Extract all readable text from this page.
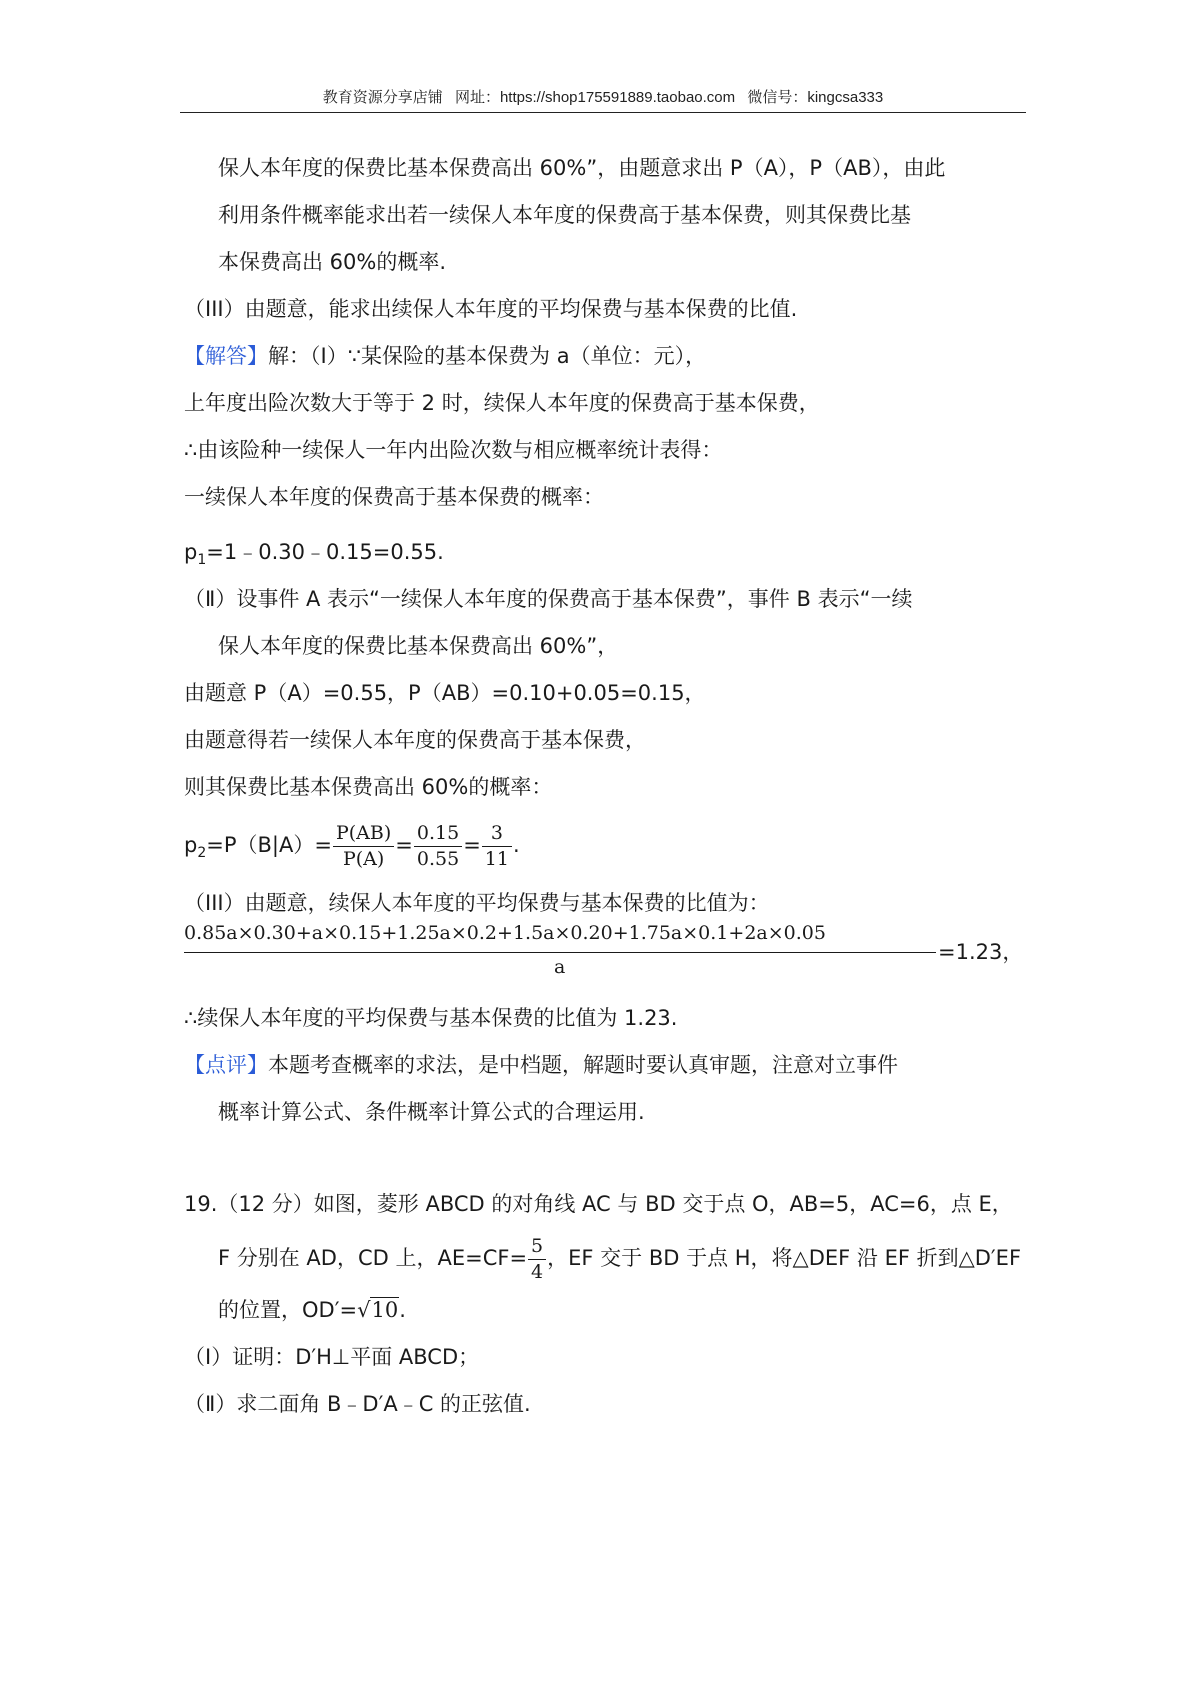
教育资源分享店铺 网址：https://shop175591889.taobao.com 微信号：kingcsa333
保人本年度的保费比基本保费高出 60%”，由题意求出 P（A），P（AB），由此
利用条件概率能求出若一续保人本年度的保费高于基本保费，则其保费比基
本保费高出 60%的概率.
（III）由题意，能求出续保人本年度的平均保费与基本保费的比值.
【解答】解：（Ⅰ）∵某保险的基本保费为 a（单位：元），
上年度出险次数大于等于 2 时，续保人本年度的保费高于基本保费，
∴由该险种一续保人一年内出险次数与相应概率统计表得：
一续保人本年度的保费高于基本保费的概率：
$p_1=1﹣0.30﹣0.15=0.55$.
（Ⅱ）设事件 A 表示“一续保人本年度的保费高于基本保费”，事件 B 表示“一续
保人本年度的保费比基本保费高出 60%”，
由题意 P（A）=0.55，P（AB）=0.10+0.05=0.15，
由题意得若一续保人本年度的保费高于基本保费，
则其保费比基本保费高出 60%的概率：
$p_2=P(B|A)= \frac{P(AB)}{P(A)} = \frac{0.15}{0.55} = \frac{3}{11}$ .
（III）由题意，续保人本年度的平均保费与基本保费的比值为：
0.85a×0.30+a×0.15+1.25a×0.2+1.5a×0.20+1.75a×0.1+2a×0.05
a
=1.23，
∴续保人本年度的平均保费与基本保费的比值为 1.23.
【点评】本题考查概率的求法，是中档题，解题时要认真审题，注意对立事件
概率计算公式、条件概率计算公式的合理运用.
19.（12 分）如图，菱形 ABCD 的对角线 AC 与 BD 交于点 O，AB=5，AC=6，点 E，
F 分别在 AD，CD 上，$AE=CF= \frac{5}{4}$ ，EF 交于 BD 于点 H，将△DEF 沿 EF 折到△D′EF
的位置，OD′=√10.
（Ⅰ）证明：D′H⊥平面 ABCD；
（Ⅱ）求二面角 B﹣D′A﹣C 的正弦值.
